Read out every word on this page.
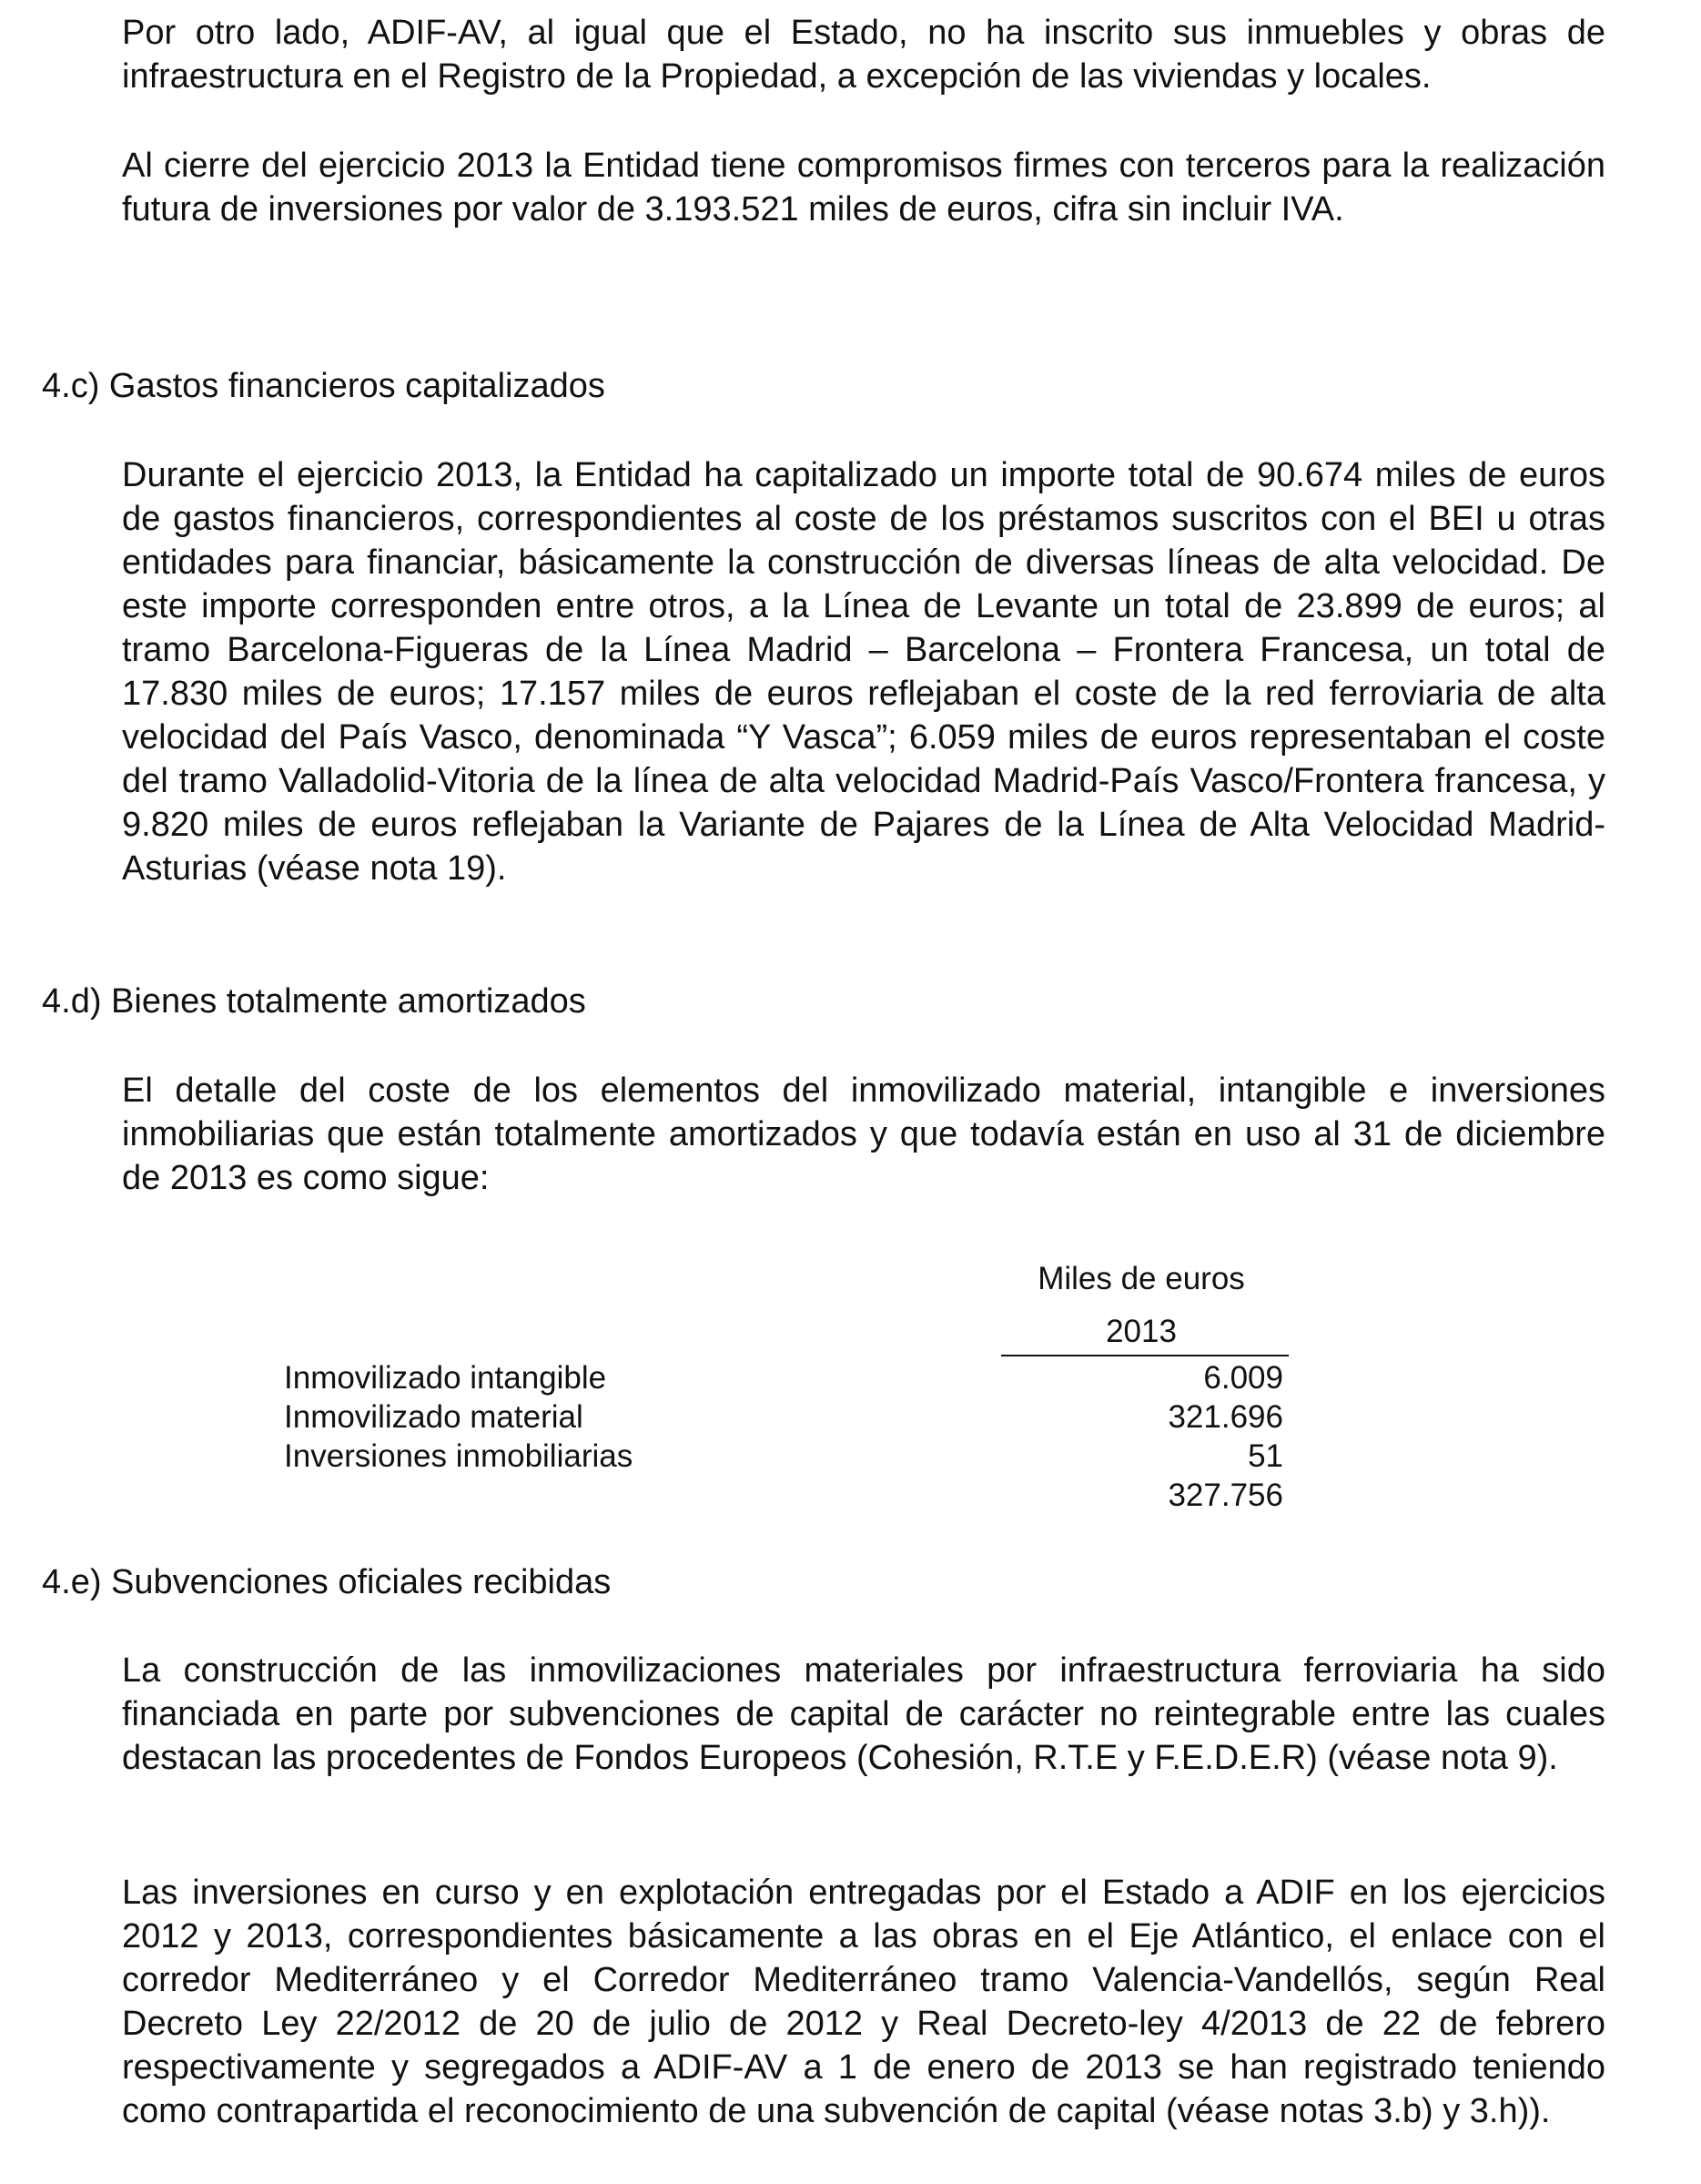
Por otro lado, ADIF-AV, al igual que el Estado, no ha inscrito sus inmuebles y obras de infraestructura en el Registro de la Propiedad, a excepción de las viviendas y locales.

Al cierre del ejercicio 2013 la Entidad tiene compromisos firmes con terceros para la realización futura de inversiones por valor de 3.193.521 miles de euros, cifra sin incluir IVA.

4.c) Gastos financieros capitalizados

Durante el ejercicio 2013, la Entidad ha capitalizado un importe total de 90.674 miles de euros de gastos financieros, correspondientes al coste de los préstamos suscritos con el BEI u otras entidades para financiar, básicamente la construcción de diversas líneas de alta velocidad. De este importe corresponden entre otros, a la Línea de Levante un total de 23.899 de euros; al tramo Barcelona-Figueras de la Línea Madrid – Barcelona – Frontera Francesa, un total de 17.830 miles de euros; 17.157 miles de euros reflejaban el coste de la red ferroviaria de alta velocidad del País Vasco, denominada “Y Vasca”; 6.059 miles de euros representaban el coste del tramo Valladolid-Vitoria de la línea de alta velocidad Madrid-País Vasco/Frontera francesa, y 9.820 miles de euros reflejaban la Variante de Pajares de la Línea de Alta Velocidad Madrid-Asturias (véase nota 19).

4.d) Bienes totalmente amortizados

El detalle del coste de los elementos del inmovilizado material, intangible e inversiones inmobiliarias que están totalmente amortizados y que todavía están en uso al 31 de diciembre de 2013 es como sigue:

Miles de euros
2013
Inmovilizado intangible	6.009
Inmovilizado material	321.696
Inversiones inmobiliarias	51
327.756
4.e) Subvenciones oficiales recibidas

La construcción de las inmovilizaciones materiales por infraestructura ferroviaria ha sido financiada en parte por subvenciones de capital de carácter no reintegrable entre las cuales destacan las procedentes de Fondos Europeos (Cohesión, R.T.E y F.E.D.E.R) (véase nota 9).

Las inversiones en curso y en explotación entregadas por el Estado a ADIF en los ejercicios 2012 y 2013, correspondientes básicamente a las obras en el Eje Atlántico, el enlace con el corredor Mediterráneo y el Corredor Mediterráneo tramo Valencia-Vandellós, según Real Decreto Ley 22/2012 de 20 de julio de 2012 y Real Decreto-ley 4/2013 de 22 de febrero respectivamente y segregados a ADIF-AV a 1 de enero de 2013 se han registrado teniendo como contrapartida el reconocimiento de una subvención de capital (véase notas 3.b) y 3.h)).
